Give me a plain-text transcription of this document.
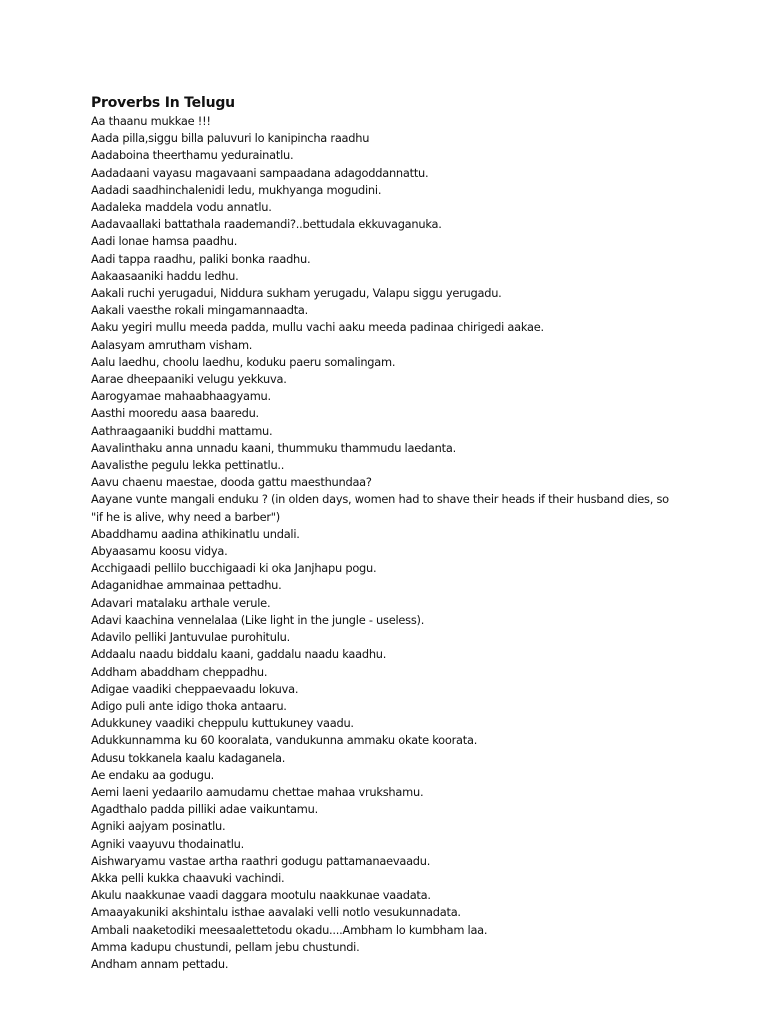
Proverbs In Telugu
Aa thaanu mukkae !!!
Aada pilla,siggu billa paluvuri lo kanipincha raadhu
Aadaboina theerthamu yedurainatlu.
Aadadaani vayasu magavaani sampaadana adagoddannattu.
Aadadi saadhinchalenidi ledu, mukhyanga mogudini.
Aadaleka maddela vodu annatlu.
Aadavaallaki battathala raademandi?..bettudala ekkuvaganuka.
Aadi lonae hamsa paadhu.
Aadi tappa raadhu, paliki bonka raadhu.
Aakaasaaniki haddu ledhu.
Aakali ruchi yerugadui, Niddura sukham yerugadu, Valapu siggu yerugadu.
Aakali vaesthe rokali mingamannaadta.
Aaku yegiri mullu meeda padda, mullu vachi aaku meeda padinaa chirigedi aakae.
Aalasyam amrutham visham.
Aalu laedhu, choolu laedhu, koduku paeru somalingam.
Aarae dheepaaniki velugu yekkuva.
Aarogyamae mahaabhaagyamu.
Aasthi mooredu aasa baaredu.
Aathraagaaniki buddhi mattamu.
Aavalinthaku anna unnadu kaani, thummuku thammudu laedanta.
Aavalisthe pegulu lekka pettinatlu..
Aavu chaenu maestae, dooda gattu maesthundaa?
Aayane vunte mangali enduku ? (in olden days, women had to shave their heads if their husband dies, so "if he is alive, why need a barber")
Abaddhamu aadina athikinatlu undali.
Abyaasamu koosu vidya.
Acchigaadi pellilo bucchigaadi ki oka Janjhapu pogu.
Adaganidhae ammainaa pettadhu.
Adavari matalaku arthale verule.
Adavi kaachina vennelalaa (Like light in the jungle - useless).
Adavilo pelliki Jantuvulae purohitulu.
Addaalu naadu biddalu kaani, gaddalu naadu kaadhu.
Addham abaddham cheppadhu.
Adigae vaadiki cheppaevaadu lokuva.
Adigo puli ante idigo thoka antaaru.
Adukkuney vaadiki cheppulu kuttukuney vaadu.
Adukkunnamma ku 60 kooralata, vandukunna ammaku okate koorata.
Adusu tokkanela kaalu kadaganela.
Ae endaku aa godugu.
Aemi laeni yedaarilo aamudamu chettae mahaa vrukshamu.
Agadthalo padda pilliki adae vaikuntamu.
Agniki aajyam posinatlu.
Agniki vaayuvu thodainatlu.
Aishwaryamu vastae artha raathri godugu pattamanaevaadu.
Akka pelli kukka chaavuki vachindi.
Akulu naakkunae vaadi daggara mootulu naakkunae vaadata.
Amaayakuniki akshintalu isthae aavalaki velli notlo vesukunnadata.
Ambali naaketodiki meesaalettetodu okadu....Ambham lo kumbham laa.
Amma kadupu chustundi, pellam jebu chustundi.
Andham annam pettadu.
